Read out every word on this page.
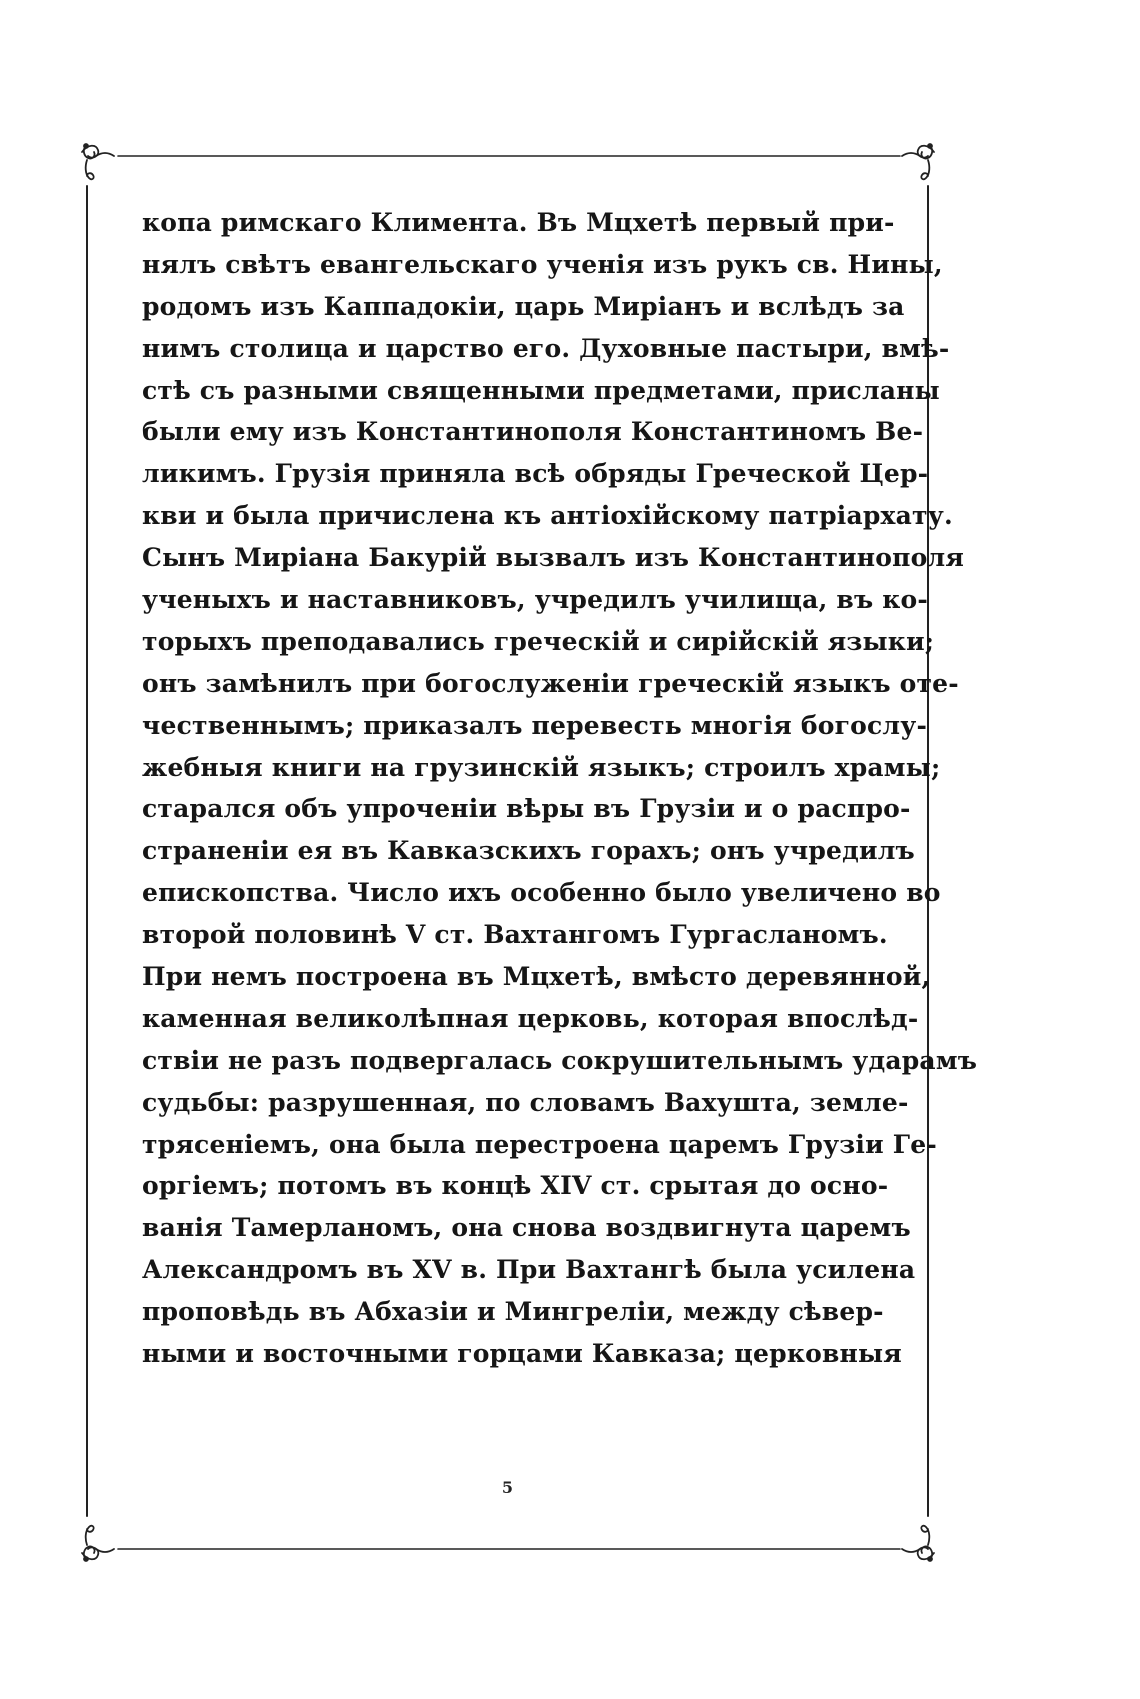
копа римскаго Климента. Въ Мцхетѣ первый при-
нялъ свѣтъ евангельскаго ученія изъ рукъ св. Нины,
родомъ изъ Каппадокіи, царь Миріанъ и вслѣдъ за
нимъ столица и царство его. Духовные пастыри, вмѣ-
стѣ съ разными священными предметами, присланы
были ему изъ Константинополя Константиномъ Ве-
ликимъ. Грузія приняла всѣ обряды Греческой Цер-
кви и была причислена къ антіохійскому патріархату.
Сынъ Миріана Бакурій вызвалъ изъ Константинополя
ученыхъ и наставниковъ, учредилъ училища, въ ко-
торыхъ преподавались греческій и сирійскій языки;
онъ замѣнилъ при богослуженіи греческій языкъ оте-
чественнымъ; приказалъ перевесть многія богослу-
жебныя книги на грузинскій языкъ; строилъ храмы;
старался объ упроченіи вѣры въ Грузіи и о распро-
страненіи ея въ Кавказскихъ горахъ; онъ учредилъ
епископства. Число ихъ особенно было увеличено во
второй половинѣ V ст. Вахтангомъ Гургасланомъ.
При немъ построена въ Мцхетѣ, вмѣсто деревянной,
каменная великолѣпная церковь, которая впослѣд-
ствіи не разъ подвергалась сокрушительнымъ ударамъ
судьбы: разрушенная, по словамъ Вахушта, земле-
трясеніемъ, она была перестроена царемъ Грузіи Ге-
оргіемъ; потомъ въ концѣ XIV ст. срытая до осно-
ванія Тамерланомъ, она снова воздвигнута царемъ
Александромъ въ XV в. При Вахтангѣ была усилена
проповѣдь въ Абхазіи и Мингреліи, между сѣвер-
ными и восточными горцами Кавказа; церковныя
5
